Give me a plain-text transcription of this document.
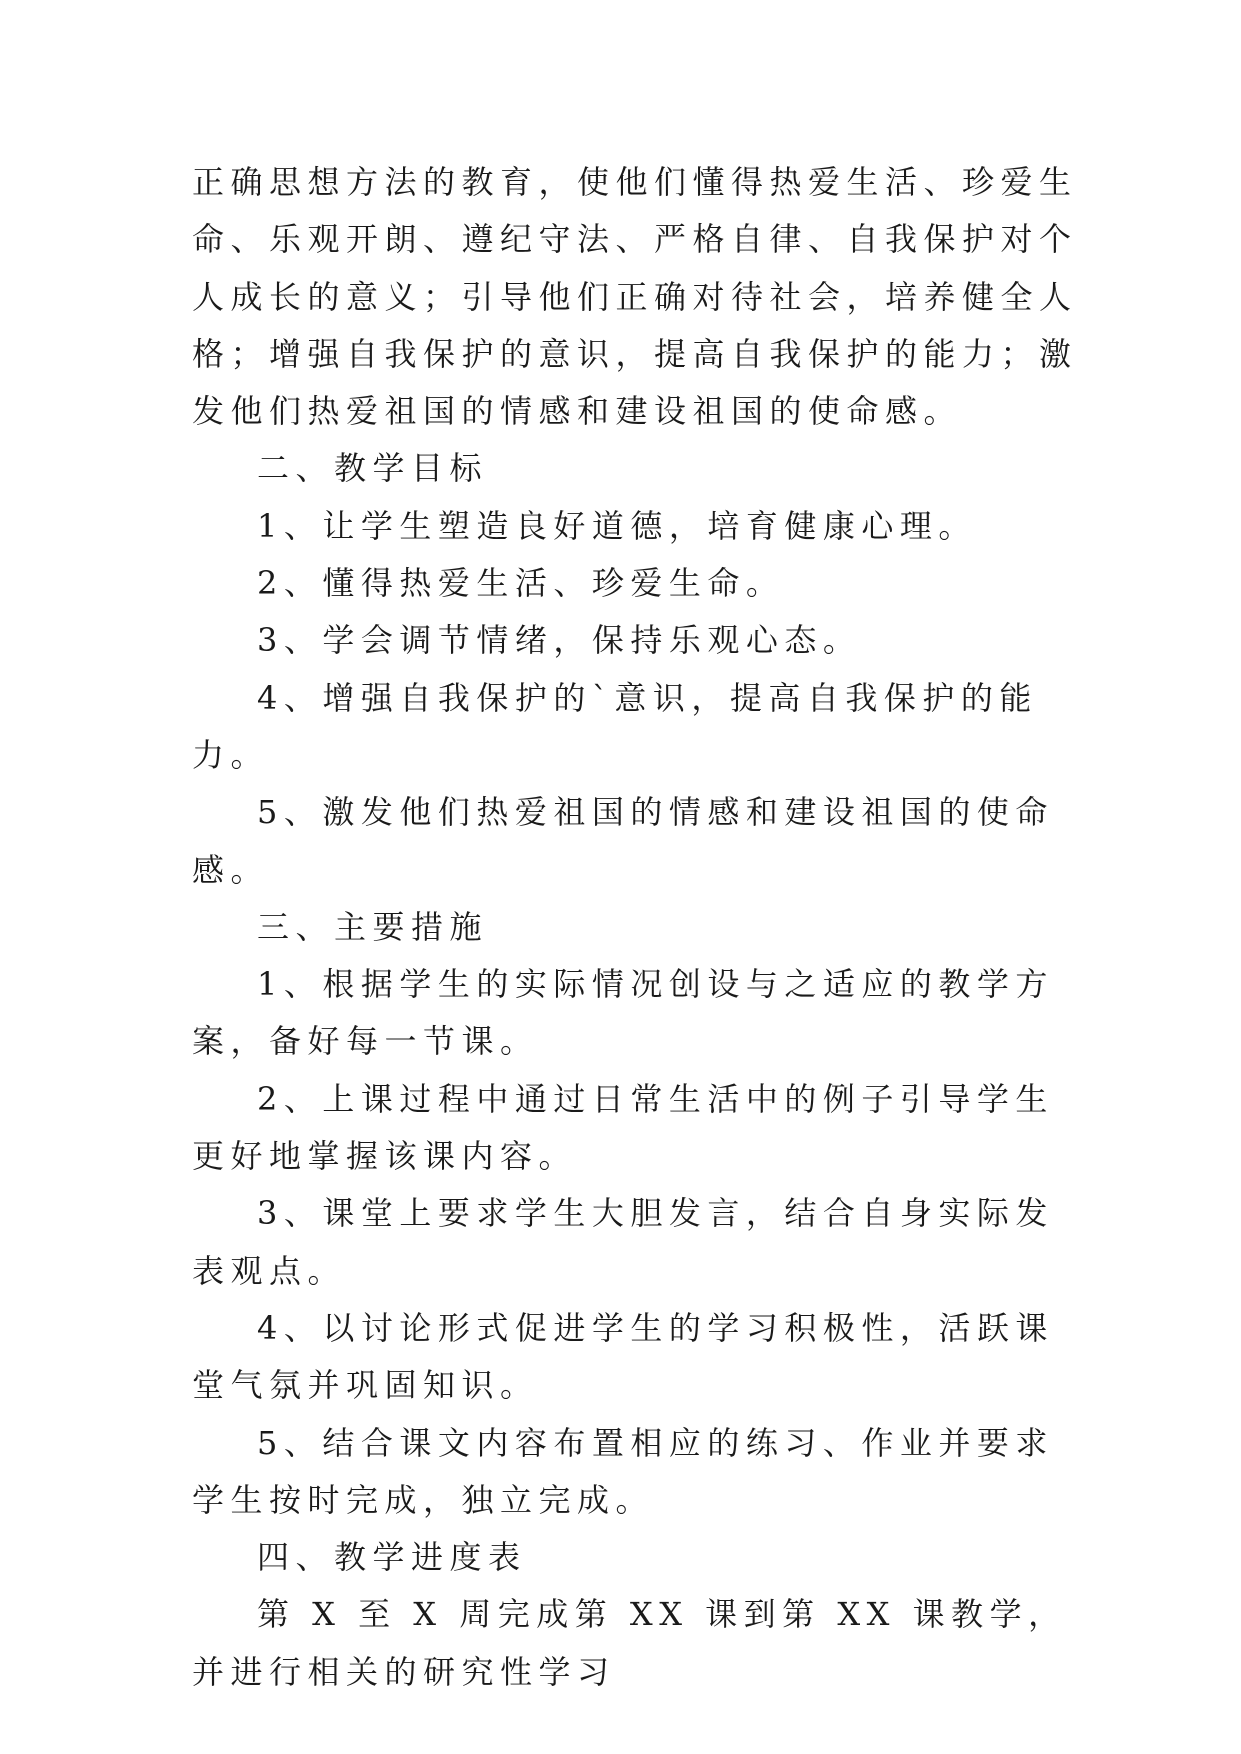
正确思想方法的教育，使他们懂得热爱生活、珍爱生命、乐观开朗、遵纪守法、严格自律、自我保护对个人成长的意义；引导他们正确对待社会，培养健全人格；增强自我保护的意识，提高自我保护的能力；激发他们热爱祖国的情感和建设祖国的使命感。

二、教学目标

1、让学生塑造良好道德，培育健康心理。

2、懂得热爱生活、珍爱生命。

3、学会调节情绪，保持乐观心态。

4、增强自我保护的`意识，提高自我保护的能力。

5、激发他们热爱祖国的情感和建设祖国的使命感。

三、主要措施

1、根据学生的实际情况创设与之适应的教学方案，备好每一节课。

2、上课过程中通过日常生活中的例子引导学生更好地掌握该课内容。

3、课堂上要求学生大胆发言，结合自身实际发表观点。

4、以讨论形式促进学生的学习积极性，活跃课堂气氛并巩固知识。

5、结合课文内容布置相应的练习、作业并要求学生按时完成，独立完成。

四、教学进度表

第 X 至 X 周完成第 XX 课到第 XX 课教学，并进行相关的研究性学习
